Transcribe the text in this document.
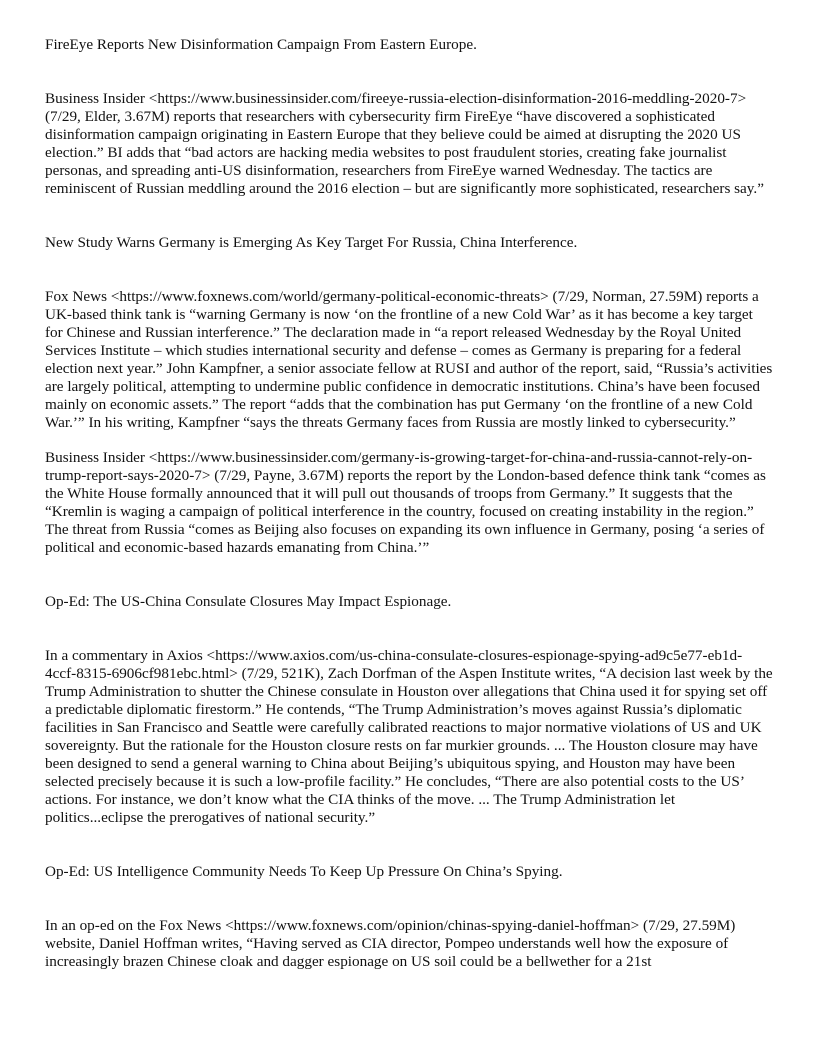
FireEye Reports New Disinformation Campaign From Eastern Europe.

Business Insider <https://www.businessinsider.com/fireeye-russia-election-disinformation-2016-meddling-2020-7> (7/29, Elder, 3.67M) reports that researchers with cybersecurity firm FireEye “have discovered a sophisticated disinformation campaign originating in Eastern Europe that they believe could be aimed at disrupting the 2020 US election.” BI adds that “bad actors are hacking media websites to post fraudulent stories, creating fake journalist personas, and spreading anti-US disinformation, researchers from FireEye warned Wednesday. The tactics are reminiscent of Russian meddling around the 2016 election – but are significantly more sophisticated, researchers say.”

New Study Warns Germany is Emerging As Key Target For Russia, China Interference.

Fox News <https://www.foxnews.com/world/germany-political-economic-threats> (7/29, Norman, 27.59M) reports a UK-based think tank is “warning Germany is now ‘on the frontline of a new Cold War’ as it has become a key target for Chinese and Russian interference.” The declaration made in “a report released Wednesday by the Royal United Services Institute – which studies international security and defense – comes as Germany is preparing for a federal election next year.” John Kampfner, a senior associate fellow at RUSI and author of the report, said, “Russia’s activities are largely political, attempting to undermine public confidence in democratic institutions. China’s have been focused mainly on economic assets.” The report “adds that the combination has put Germany ‘on the frontline of a new Cold War.’” In his writing, Kampfner “says the threats Germany faces from Russia are mostly linked to cybersecurity.”

Business Insider <https://www.businessinsider.com/germany-is-growing-target-for-china-and-russia-cannot-rely-on-trump-report-says-2020-7> (7/29, Payne, 3.67M) reports the report by the London-based defence think tank “comes as the White House formally announced that it will pull out thousands of troops from Germany.” It suggests that the “Kremlin is waging a campaign of political interference in the country, focused on creating instability in the region.” The threat from Russia “comes as Beijing also focuses on expanding its own influence in Germany, posing ‘a series of political and economic-based hazards emanating from China.’”

Op-Ed: The US-China Consulate Closures May Impact Espionage.

In a commentary in Axios <https://www.axios.com/us-china-consulate-closures-espionage-spying-ad9c5e77-eb1d-4ccf-8315-6906cf981ebc.html> (7/29, 521K), Zach Dorfman of the Aspen Institute writes, “A decision last week by the Trump Administration to shutter the Chinese consulate in Houston over allegations that China used it for spying set off a predictable diplomatic firestorm.” He contends, “The Trump Administration’s moves against Russia’s diplomatic facilities in San Francisco and Seattle were carefully calibrated reactions to major normative violations of US and UK sovereignty. But the rationale for the Houston closure rests on far murkier grounds. ... The Houston closure may have been designed to send a general warning to China about Beijing’s ubiquitous spying, and Houston may have been selected precisely because it is such a low-profile facility.” He concludes, “There are also potential costs to the US’ actions. For instance, we don’t know what the CIA thinks of the move. ... The Trump Administration let politics...eclipse the prerogatives of national security.”

Op-Ed: US Intelligence Community Needs To Keep Up Pressure On China’s Spying.

In an op-ed on the Fox News <https://www.foxnews.com/opinion/chinas-spying-daniel-hoffman> (7/29, 27.59M) website, Daniel Hoffman writes, “Having served as CIA director, Pompeo understands well how the exposure of increasingly brazen Chinese cloak and dagger espionage on US soil could be a bellwether for a 21st
